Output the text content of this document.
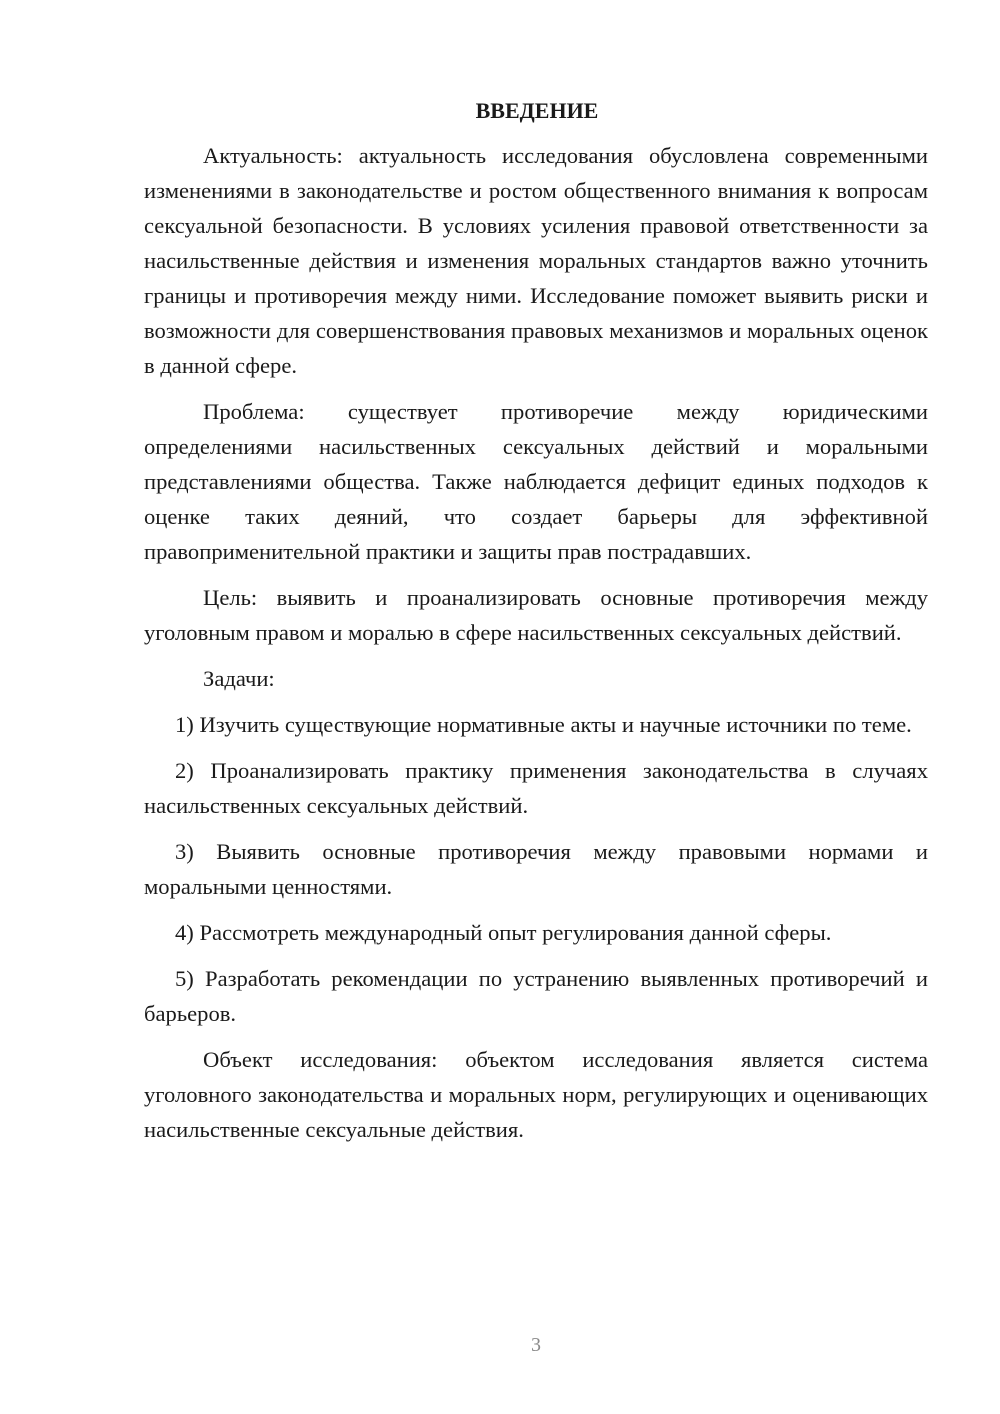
ВВЕДЕНИЕ

Актуальность: актуальность исследования обусловлена современными изменениями в законодательстве и ростом общественного внимания к вопросам сексуальной безопасности. В условиях усиления правовой ответственности за насильственные действия и изменения моральных стандартов важно уточнить границы и противоречия между ними. Исследование поможет выявить риски и возможности для совершенствования правовых механизмов и моральных оценок в данной сфере.

Проблема: существует противоречие между юридическими определениями насильственных сексуальных действий и моральными представлениями общества. Также наблюдается дефицит единых подходов к оценке таких деяний, что создает барьеры для эффективной правоприменительной практики и защиты прав пострадавших.

Цель: выявить и проанализировать основные противоречия между уголовным правом и моралью в сфере насильственных сексуальных действий.

Задачи:

1) Изучить существующие нормативные акты и научные источники по теме.

2) Проанализировать практику применения законодательства в случаях насильственных сексуальных действий.

3) Выявить основные противоречия между правовыми нормами и моральными ценностями.

4) Рассмотреть международный опыт регулирования данной сферы.

5) Разработать рекомендации по устранению выявленных противоречий и барьеров.

Объект исследования: объектом исследования является система уголовного законодательства и моральных норм, регулирующих и оценивающих насильственные сексуальные действия.

3
